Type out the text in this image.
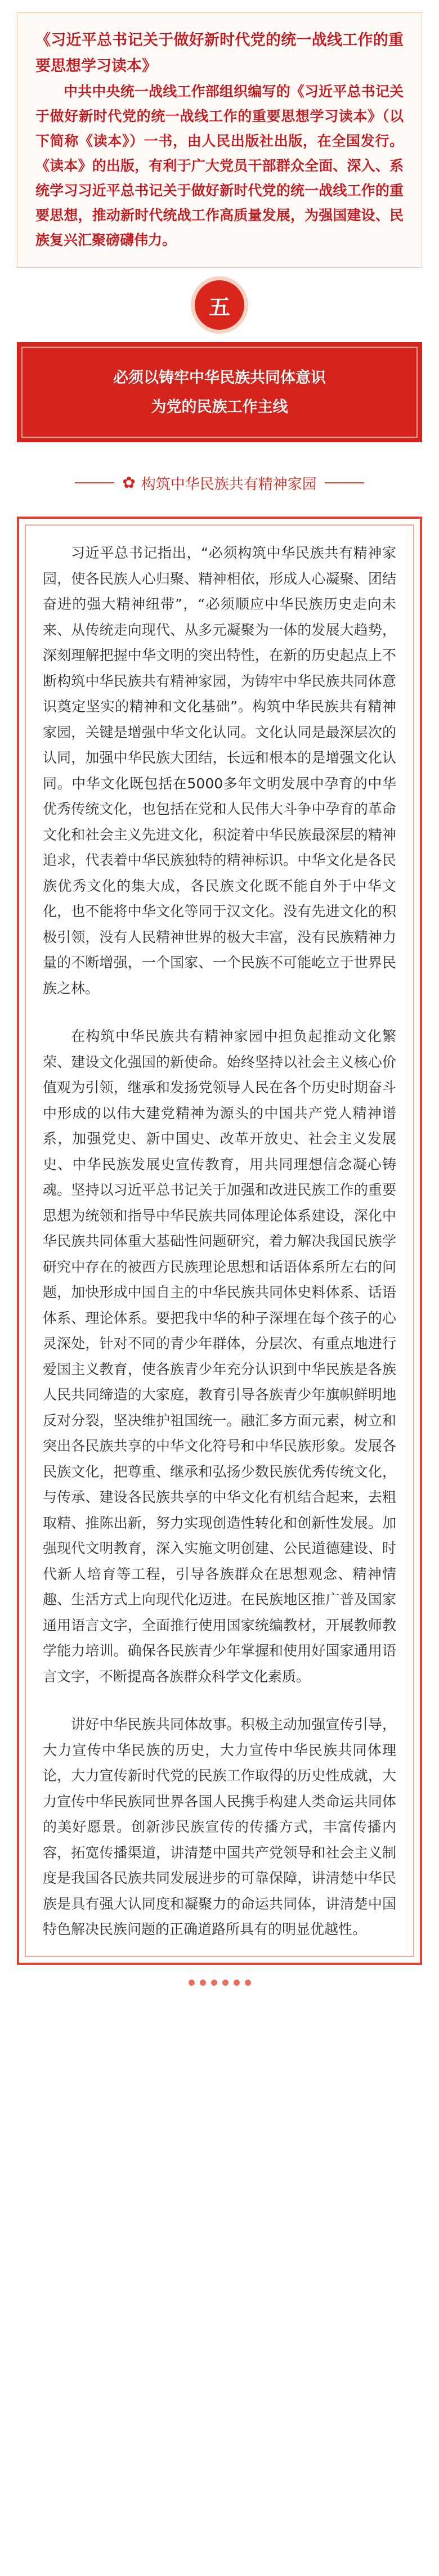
《习近平总书记关于做好新时代党的统一战线工作的重要思想学习读本》

中共中央统一战线工作部组织编写的《习近平总书记关于做好新时代党的统一战线工作的重要思想学习读本》（以下简称《读本》）一书，由人民出版社出版，在全国发行。《读本》的出版，有利于广大党员干部群众全面、深入、系统学习习近平总书记关于做好新时代党的统一战线工作的重要思想，推动新时代统战工作高质量发展，为强国建设、民族复兴汇聚磅礴伟力。

五
必须以铸牢中华民族共同体意识
为党的民族工作主线
✿ 构筑中华民族共有精神家园

习近平总书记指出，“必须构筑中华民族共有精神家园，使各民族人心归聚、精神相依，形成人心凝聚、团结奋进的强大精神纽带”，“必须顺应中华民族历史走向未来、从传统走向现代、从多元凝聚为一体的发展大趋势，深刻理解把握中华文明的突出特性，在新的历史起点上不断构筑中华民族共有精神家园，为铸牢中华民族共同体意识奠定坚实的精神和文化基础”。构筑中华民族共有精神家园，关键是增强中华文化认同。文化认同是最深层次的认同，加强中华民族大团结，长远和根本的是增强文化认同。中华文化既包括在5000多年文明发展中孕育的中华优秀传统文化，也包括在党和人民伟大斗争中孕育的革命文化和社会主义先进文化，积淀着中华民族最深层的精神追求，代表着中华民族独特的精神标识。中华文化是各民族优秀文化的集大成，各民族文化既不能自外于中华文化，也不能将中华文化等同于汉文化。没有先进文化的积极引领，没有人民精神世界的极大丰富，没有民族精神力量的不断增强，一个国家、一个民族不可能屹立于世界民族之林。

在构筑中华民族共有精神家园中担负起推动文化繁荣、建设文化强国的新使命。始终坚持以社会主义核心价值观为引领，继承和发扬党领导人民在各个历史时期奋斗中形成的以伟大建党精神为源头的中国共产党人精神谱系，加强党史、新中国史、改革开放史、社会主义发展史、中华民族发展史宣传教育，用共同理想信念凝心铸魂。坚持以习近平总书记关于加强和改进民族工作的重要思想为统领和指导中华民族共同体理论体系建设，深化中华民族共同体重大基础性问题研究，着力解决我国民族学研究中存在的被西方民族理论思想和话语体系所左右的问题，加快形成中国自主的中华民族共同体史料体系、话语体系、理论体系。要把我中华的种子深埋在每个孩子的心灵深处，针对不同的青少年群体，分层次、有重点地进行爱国主义教育，使各族青少年充分认识到中华民族是各族人民共同缔造的大家庭，教育引导各族青少年旗帜鲜明地反对分裂，坚决维护祖国统一。融汇多方面元素，树立和突出各民族共享的中华文化符号和中华民族形象。发展各民族文化，把尊重、继承和弘扬少数民族优秀传统文化，与传承、建设各民族共享的中华文化有机结合起来，去粗取精、推陈出新，努力实现创造性转化和创新性发展。加强现代文明教育，深入实施文明创建、公民道德建设、时代新人培育等工程，引导各族群众在思想观念、精神情趣、生活方式上向现代化迈进。在民族地区推广普及国家通用语言文字，全面推行使用国家统编教材，开展教师教学能力培训。确保各民族青少年掌握和使用好国家通用语言文字，不断提高各族群众科学文化素质。

讲好中华民族共同体故事。积极主动加强宣传引导，大力宣传中华民族的历史，大力宣传中华民族共同体理论，大力宣传新时代党的民族工作取得的历史性成就，大力宣传中华民族同世界各国人民携手构建人类命运共同体的美好愿景。创新涉民族宣传的传播方式，丰富传播内容，拓宽传播渠道，讲清楚中国共产党领导和社会主义制度是我国各民族共同发展进步的可靠保障，讲清楚中华民族是具有强大认同度和凝聚力的命运共同体，讲清楚中国特色解决民族问题的正确道路所具有的明显优越性。
